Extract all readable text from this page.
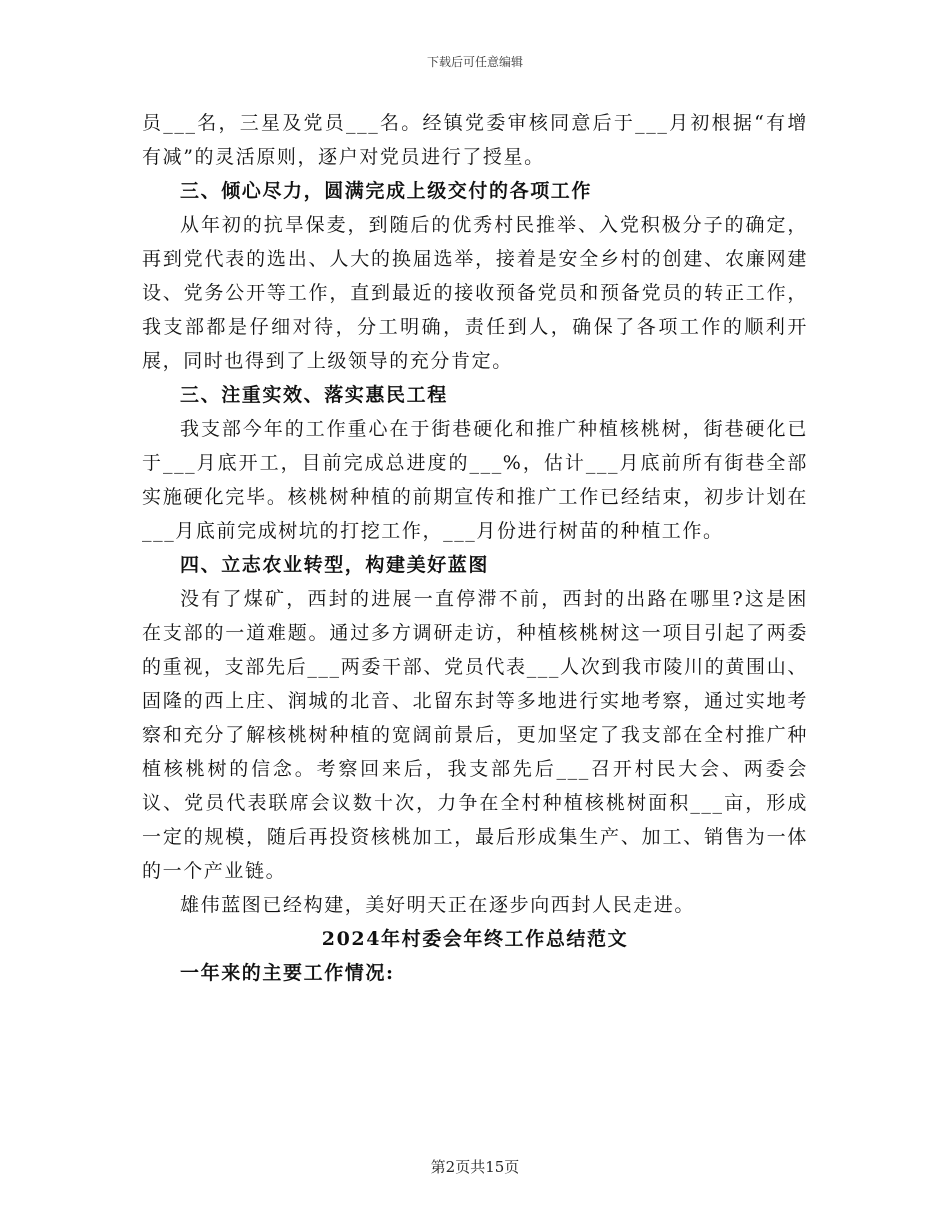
下载后可任意编辑

员___名，三星及党员___名。经镇党委审核同意后于___月初根据“有增有减”的灵活原则，逐户对党员进行了授星。

三、倾心尽力，圆满完成上级交付的各项工作

从年初的抗旱保麦，到随后的优秀村民推举、入党积极分子的确定，再到党代表的选出、人大的换届选举，接着是安全乡村的创建、农廉网建设、党务公开等工作，直到最近的接收预备党员和预备党员的转正工作，我支部都是仔细对待，分工明确，责任到人，确保了各项工作的顺利开展，同时也得到了上级领导的充分肯定。

三、注重实效、落实惠民工程

我支部今年的工作重心在于街巷硬化和推广种植核桃树，街巷硬化已于___月底开工，目前完成总进度的___%，估计___月底前所有街巷全部实施硬化完毕。核桃树种植的前期宣传和推广工作已经结束，初步计划在___月底前完成树坑的打挖工作，___月份进行树苗的种植工作。

四、立志农业转型，构建美好蓝图

没有了煤矿，西封的进展一直停滞不前，西封的出路在哪里?这是困在支部的一道难题。通过多方调研走访，种植核桃树这一项目引起了两委的重视，支部先后___两委干部、党员代表___人次到我市陵川的黄围山、固隆的西上庄、润城的北音、北留东封等多地进行实地考察，通过实地考察和充分了解核桃树种植的宽阔前景后，更加坚定了我支部在全村推广种植核桃树的信念。考察回来后，我支部先后___召开村民大会、两委会议、党员代表联席会议数十次，力争在全村种植核桃树面积___亩，形成一定的规模，随后再投资核桃加工，最后形成集生产、加工、销售为一体的一个产业链。

雄伟蓝图已经构建，美好明天正在逐步向西封人民走进。

2024年村委会年终工作总结范文

一年来的主要工作情况:

第2页共15页
